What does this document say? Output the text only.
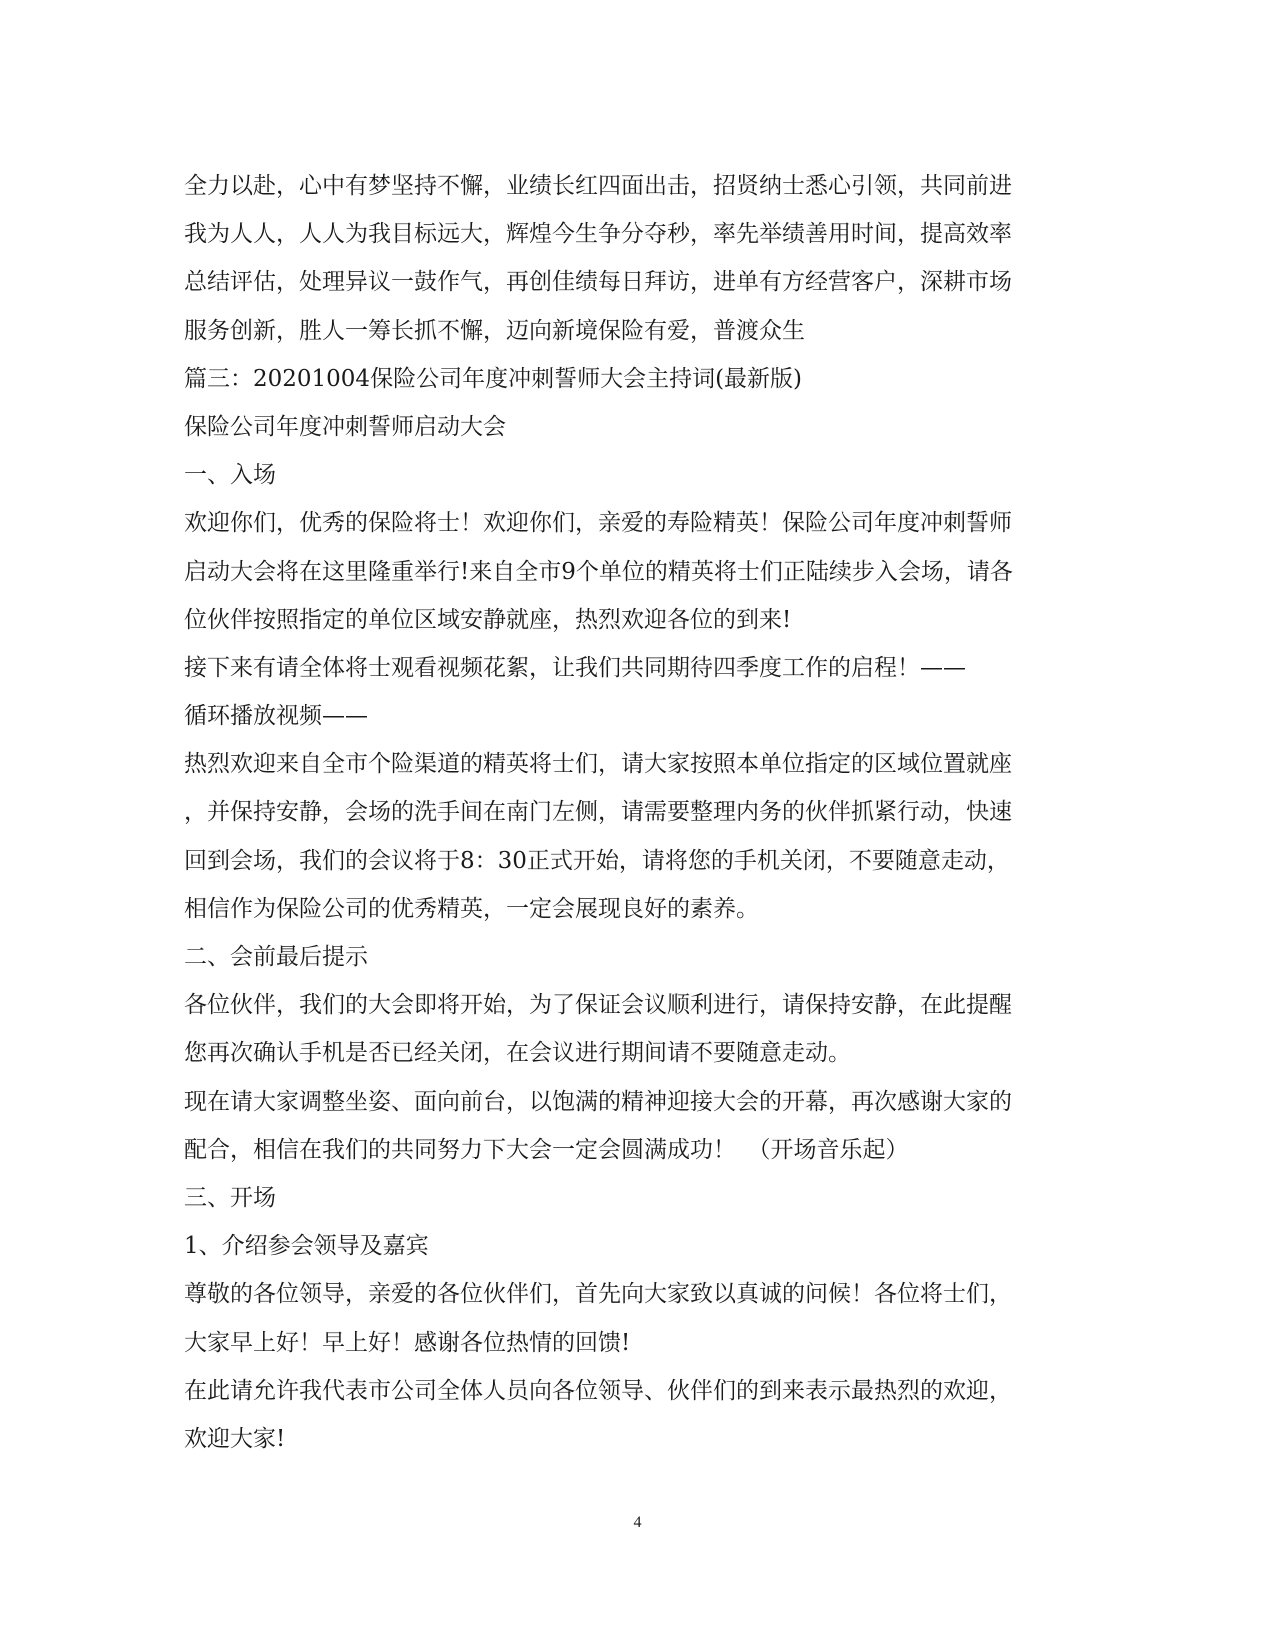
全力以赴，心中有梦坚持不懈，业绩长红四面出击，招贤纳士悉心引领，共同前进
我为人人，人人为我目标远大，辉煌今生争分夺秒，率先举绩善用时间，提高效率
总结评估，处理异议一鼓作气，再创佳绩每日拜访，进单有方经营客户，深耕市场
服务创新，胜人一筹长抓不懈，迈向新境保险有爱，普渡众生
篇三：20201004保险公司年度冲刺誓师大会主持词(最新版)
保险公司年度冲刺誓师启动大会
一、入场
欢迎你们，优秀的保险将士！欢迎你们，亲爱的寿险精英！保险公司年度冲刺誓师
启动大会将在这里隆重举行!来自全市9个单位的精英将士们正陆续步入会场，请各
位伙伴按照指定的单位区域安静就座，热烈欢迎各位的到来!
接下来有请全体将士观看视频花絮，让我们共同期待四季度工作的启程！——
循环播放视频——
热烈欢迎来自全市个险渠道的精英将士们，请大家按照本单位指定的区域位置就座
，并保持安静，会场的洗手间在南门左侧，请需要整理内务的伙伴抓紧行动，快速
回到会场，我们的会议将于8：30正式开始，请将您的手机关闭，不要随意走动，
相信作为保险公司的优秀精英，一定会展现良好的素养。
二、会前最后提示
各位伙伴，我们的大会即将开始，为了保证会议顺利进行，请保持安静，在此提醒
您再次确认手机是否已经关闭，在会议进行期间请不要随意走动。
现在请大家调整坐姿、面向前台，以饱满的精神迎接大会的开幕，再次感谢大家的
配合，相信在我们的共同努力下大会一定会圆满成功！　（开场音乐起）
三、开场
1、介绍参会领导及嘉宾
尊敬的各位领导，亲爱的各位伙伴们，首先向大家致以真诚的问候！各位将士们，
大家早上好！早上好！感谢各位热情的回馈!
在此请允许我代表市公司全体人员向各位领导、伙伴们的到来表示最热烈的欢迎，
欢迎大家!
4
